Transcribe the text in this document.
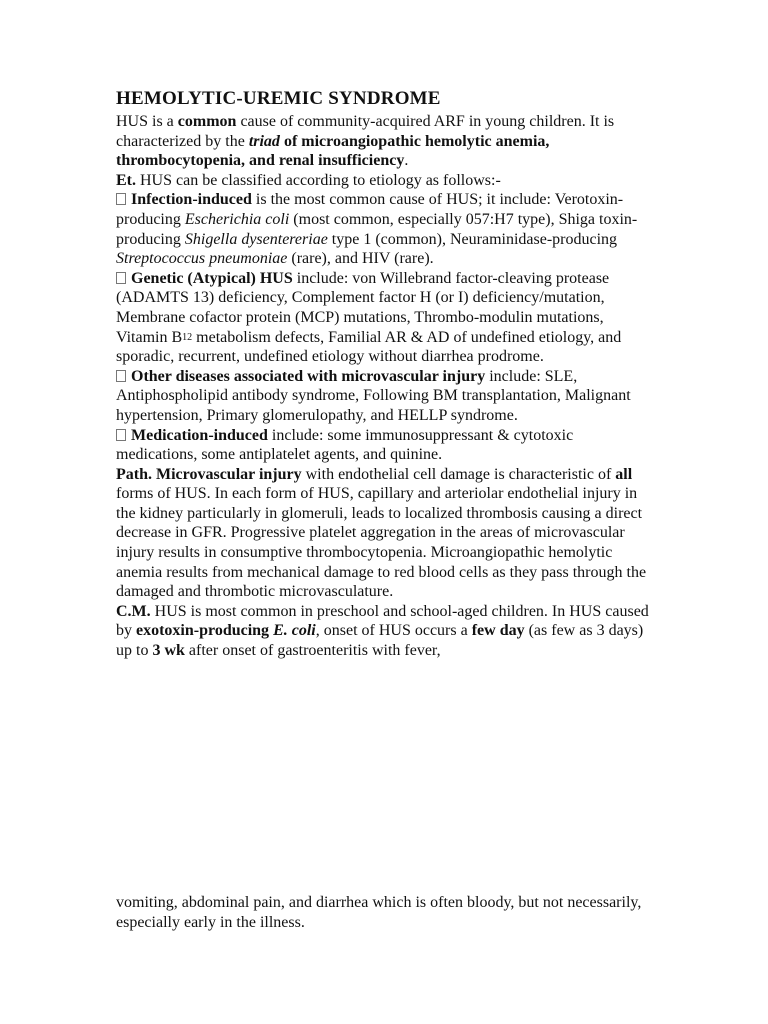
HEMOLYTIC-UREMIC SYNDROME

HUS is a common cause of community-acquired ARF in young children. It is characterized by the triad of microangiopathic hemolytic anemia, thrombocytopenia, and renal insufficiency.

Et. HUS can be classified according to etiology as follows:-

Infection-induced is the most common cause of HUS; it include: Verotoxin-producing Escherichia coli (most common, especially 057:H7 type), Shiga toxin-producing Shigella dysentereriae type 1 (common), Neuraminidase-producing Streptococcus pneumoniae (rare), and HIV (rare).

Genetic (Atypical) HUS include: von Willebrand factor-cleaving protease (ADAMTS 13) deficiency, Complement factor H (or I) deficiency/mutation, Membrane cofactor protein (MCP) mutations, Thrombo-modulin mutations, Vitamin $B_{12}$ metabolism defects, Familial AR & AD of undefined etiology, and sporadic, recurrent, undefined etiology without diarrhea prodrome.

Other diseases associated with microvascular injury include: SLE, Antiphospholipid antibody syndrome, Following BM transplantation, Malignant hypertension, Primary glomerulopathy, and HELLP syndrome.

Medication-induced include: some immunosuppressant & cytotoxic medications, some antiplatelet agents, and quinine.

Path. Microvascular injury with endothelial cell damage is characteristic of all forms of HUS. In each form of HUS, capillary and arteriolar endothelial injury in the kidney particularly in glomeruli, leads to localized thrombosis causing a direct decrease in GFR. Progressive platelet aggregation in the areas of microvascular injury results in consumptive thrombocytopenia. Microangiopathic hemolytic anemia results from mechanical damage to red blood cells as they pass through the damaged and thrombotic microvasculature.

C.M. HUS is most common in preschool and school-aged children. In HUS caused by exotoxin-producing E. coli, onset of HUS occurs a few day (as few as 3 days) up to 3 wk after onset of gastroenteritis with fever,

vomiting, abdominal pain, and diarrhea which is often bloody, but not necessarily, especially early in the illness.
